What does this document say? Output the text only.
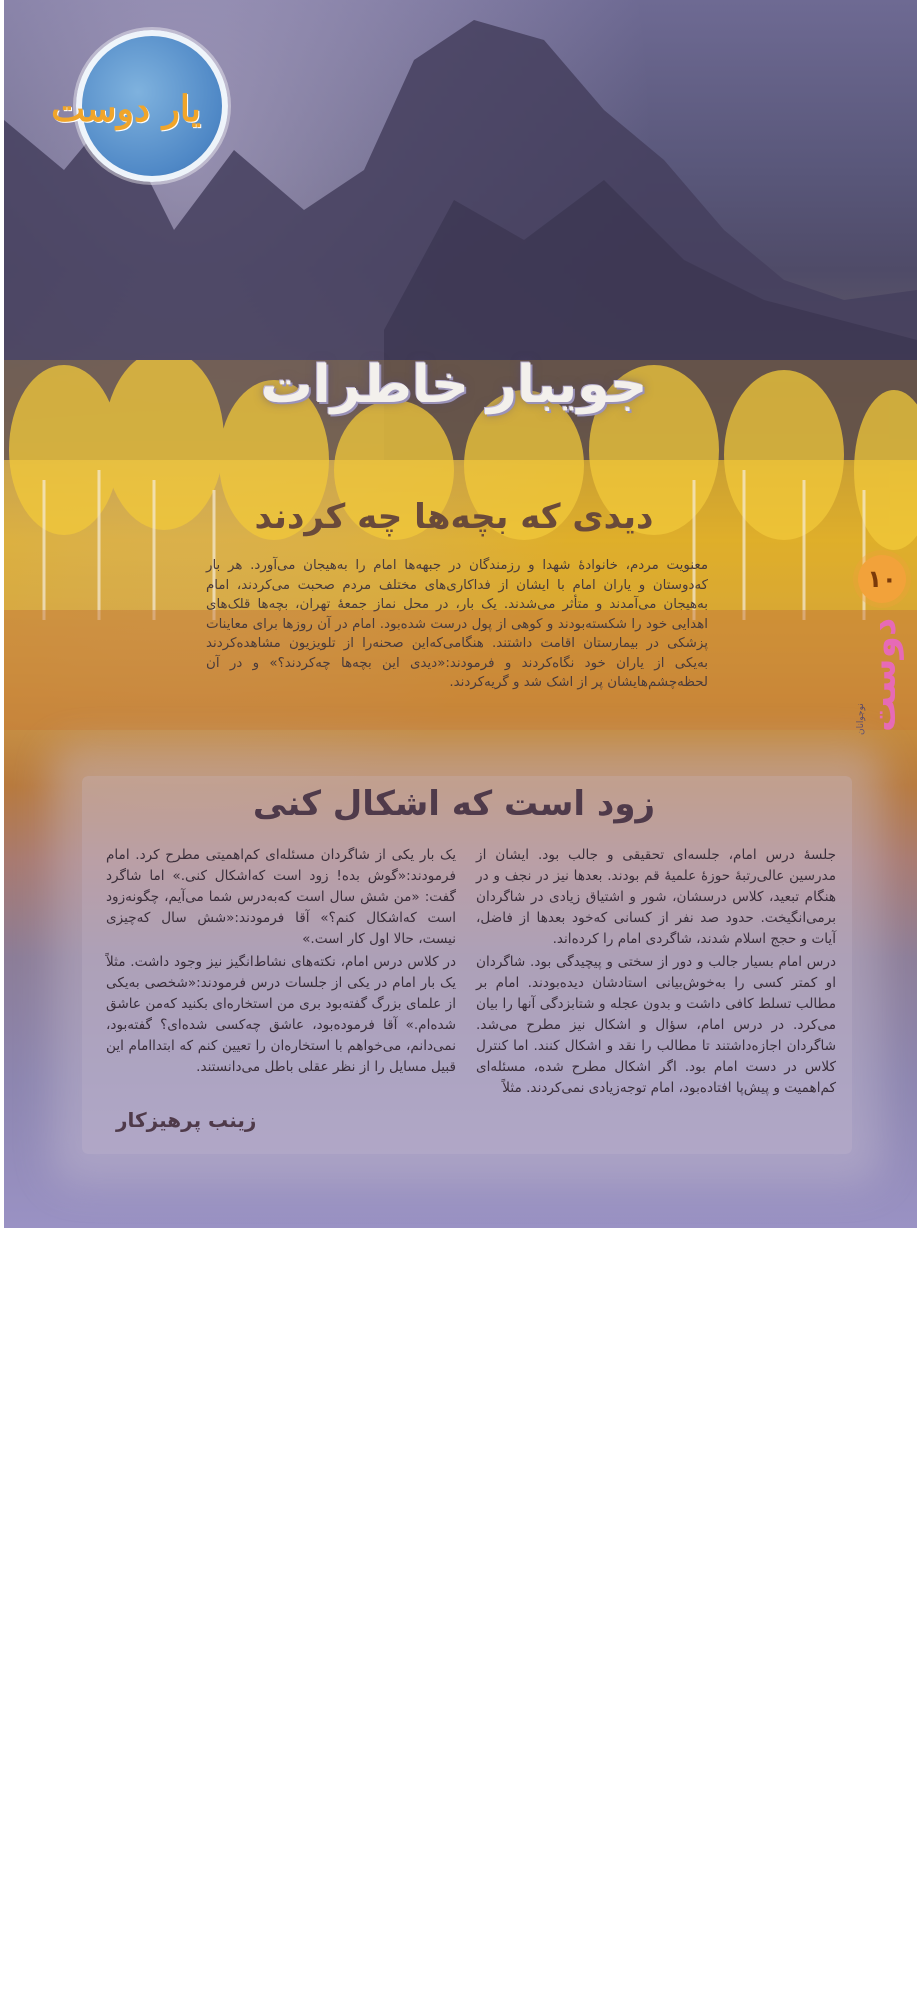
یار دوست
جویبار خاطرات
دیدی که بچه‌ها چه کردند
معنویت مردم، خانوادهٔ شهدا و رزمندگان در جبهه‌ها امام را به‌هیجان می‌آورد. هر بار که‌دوستان و یاران امام با ایشان از فداکاری‌های مختلف مردم صحبت می‌کردند، امام به‌هیجان می‌آمدند و متأثر می‌شدند. یک بار، در محل نماز جمعهٔ تهران، بچه‌ها قلک‌های اهدایی خود را شکسته‌بودند و کوهی از پول درست شده‌بود. امام در آن روزها برای معاینات پزشکی در بیمارستان اقامت داشتند. هنگامی‌که‌این صحنه‌را از تلویزیون مشاهده‌کردند به‌یکی از یاران خود نگاه‌کردند و فرمودند:«دیدی این بچه‌ها چه‌کردند؟» و در آن لحظه‌چشم‌هایشان پر از اشک شد و گریه‌کردند.
۱۰
دوست
نوجوانان
زود است که اشکال کنی

جلسهٔ درس امام، جلسه‌ای تحقیقی و جالب بود. ایشان از مدرسین عالی‌رتبهٔ حوزهٔ علمیهٔ قم بودند. بعدها نیز در نجف و در هنگام تبعید، کلاس درسشان، شور و اشتیاق زیادی در شاگردان برمی‌انگیخت. حدود صد نفر از کسانی که‌خود بعدها از فاضل، آیات و حجج اسلام شدند، شاگردی امام را کرده‌اند.

درس امام بسیار جالب و دور از سختی و پیچیدگی بود. شاگردان او کمتر کسی را به‌خوش‌بیانی استادشان دیده‌بودند. امام بر مطالب تسلط کافی داشت و بدون عجله و شتابزدگی آنها را بیان می‌کرد. در درس امام، سؤال و اشکال نیز مطرح می‌شد. شاگردان اجازه‌داشتند تا مطالب را نقد و اشکال کنند. اما کنترل کلاس در دست امام بود. اگر اشکال مطرح شده، مسئله‌ای کم‌اهمیت و پیش‌پا افتاده‌بود، امام توجه‌زیادی نمی‌کردند. مثلاً

یک بار یکی از شاگردان مسئله‌ای کم‌اهمیتی مطرح کرد. امام فرمودند:«گوش بده‌! زود است که‌اشکال کنی.» اما شاگرد گفت: «من شش سال است که‌به‌درس شما می‌آیم، چگونه‌زود است که‌اشکال کنم؟» آقا فرمودند:«شش سال که‌چیزی نیست، حالا اول کار است.»

در کلاس درس امام، نکته‌های نشاط‌انگیز نیز وجود داشت. مثلاً یک بار امام در یکی از جلسات درس فرمودند:«شخصی به‌یکی از علمای بزرگ گفته‌بود بری من استخاره‌ای بکنید که‌من عاشق شده‌ام.» آقا فرموده‌بود، عاشق چه‌کسی شده‌ای؟ گفته‌بود، نمی‌دانم، می‌خواهم با استخاره‌ان را تعیین کنم که ابتدا‌امام این قبیل مسایل را از نظر عقلی باطل می‌دانستند.

زینب پرهیزکار
